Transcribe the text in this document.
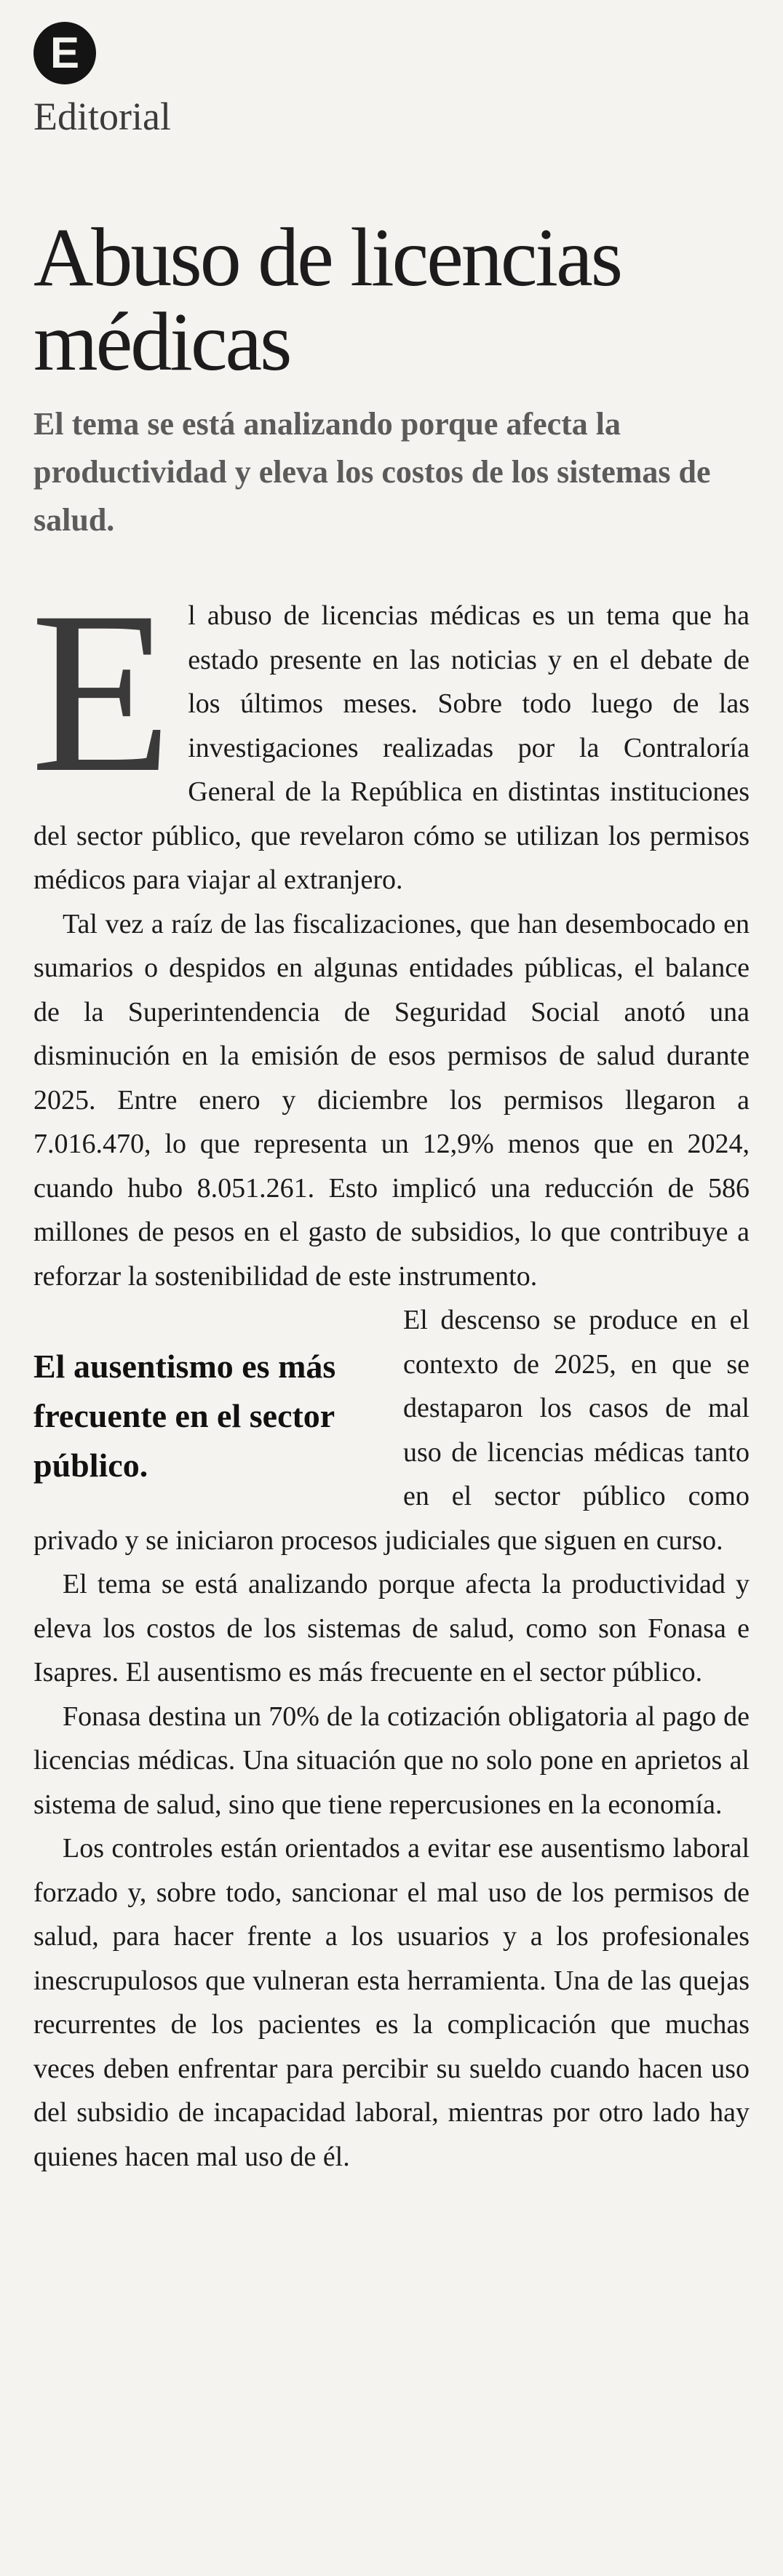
E
Editorial
Abuso de licencias médicas
El tema se está analizando porque afecta la productividad y eleva los costos de los sistemas de salud.
E l abuso de licencias médicas es un tema que ha estado presente en las noticias y en el debate de los últimos meses. Sobre todo luego de las investigaciones realizadas por la Contraloría General de la República en distintas instituciones del sector público, que revelaron cómo se utilizan los permisos médicos para viajar al extranjero.

Tal vez a raíz de las fiscalizaciones, que han desembocado en sumarios o despidos en algunas entidades públicas, el balance de la Superintendencia de Seguridad Social anotó una disminución en la emisión de esos permisos de salud durante 2025. Entre enero y diciembre los permisos llegaron a 7.016.470, lo que representa un 12,9% menos que en 2024, cuando hubo 8.051.261. Esto implicó una reducción de 586 millones de pesos en el gasto de subsidios, lo que contribuye a reforzar la sostenibilidad de este instrumento.

El ausentismo es más frecuente en el sector público.

El descenso se produce en el contexto de 2025, en que se destaparon los casos de mal uso de licencias médicas tanto en el sector público como privado y se iniciaron procesos judiciales que siguen en curso.

El tema se está analizando porque afecta la productividad y eleva los costos de los sistemas de salud, como son Fonasa e Isapres. El ausentismo es más frecuente en el sector público.

Fonasa destina un 70% de la cotización obligatoria al pago de licencias médicas. Una situación que no solo pone en aprietos al sistema de salud, sino que tiene repercusiones en la economía.

Los controles están orientados a evitar ese ausentismo laboral forzado y, sobre todo, sancionar el mal uso de los permisos de salud, para hacer frente a los usuarios y a los profesionales inescrupulosos que vulneran esta herramienta. Una de las quejas recurrentes de los pacientes es la complicación que muchas veces deben enfrentar para percibir su sueldo cuando hacen uso del subsidio de incapacidad laboral, mientras por otro lado hay quienes hacen mal uso de él.
